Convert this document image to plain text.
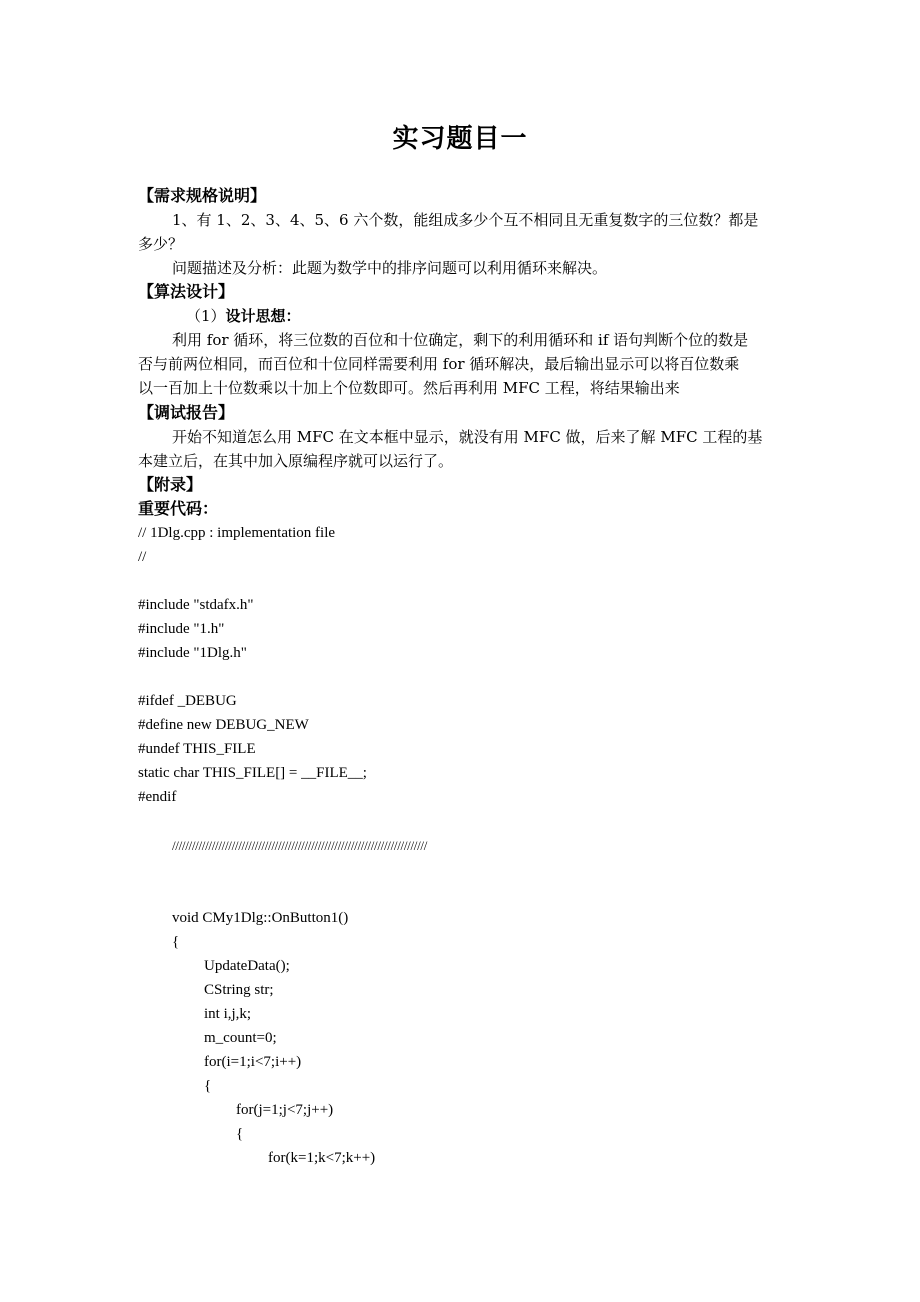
实习题目一
【需求规格说明】
1、有 1、2、3、4、5、6 六个数，能组成多少个互不相同且无重复数字的三位数？都是
多少？
问题描述及分析：此题为数学中的排序问题可以利用循环来解决。
【算法设计】
（1）设计思想：
利用 for 循环，将三位数的百位和十位确定，剩下的利用循环和 if 语句判断个位的数是
否与前两位相同，而百位和十位同样需要利用 for 循环解决，最后输出显示可以将百位数乘
以一百加上十位数乘以十加上个位数即可。然后再利用 MFC 工程，将结果输出来
【调试报告】
开始不知道怎么用 MFC 在文本框中显示，就没有用 MFC 做，后来了解 MFC 工程的基
本建立后，在其中加入原编程序就可以运行了。
【附录】
重要代码：
// 1Dlg.cpp : implementation file
//
#include "stdafx.h"
#include "1.h"
#include "1Dlg.h"
#ifdef _DEBUG
#define new DEBUG_NEW
#undef THIS_FILE
static char THIS_FILE[] = __FILE__;
#endif
/////////////////////////////////////////////////////////////////////////////
void CMy1Dlg::OnButton1()
{
UpdateData();
CString str;
int i,j,k;
m_count=0;
for(i=1;i<7;i++)
{
for(j=1;j<7;j++)
{
for(k=1;k<7;k++)
